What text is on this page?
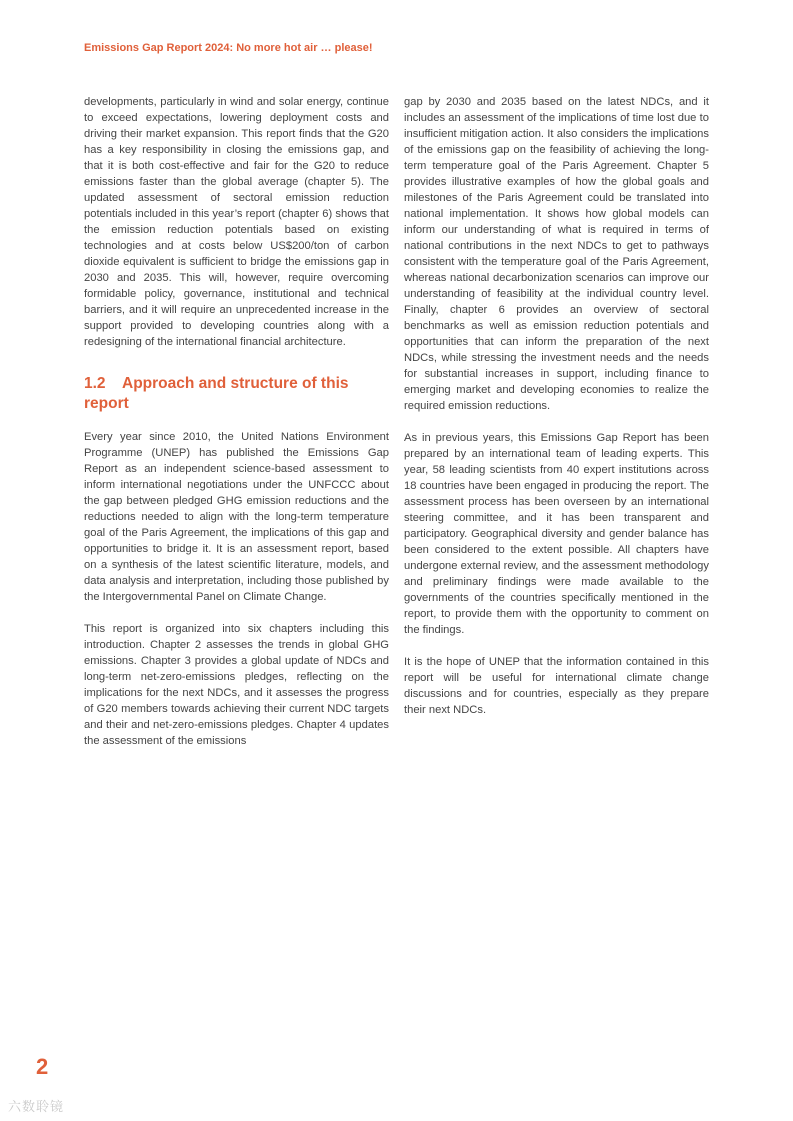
Emissions Gap Report 2024: No more hot air … please!

developments, particularly in wind and solar energy, continue to exceed expectations, lowering deployment costs and driving their market expansion. This report finds that the G20 has a key responsibility in closing the emissions gap, and that it is both cost-effective and fair for the G20 to reduce emissions faster than the global average (chapter 5). The updated assessment of sectoral emission reduction potentials included in this year’s report (chapter 6) shows that the emission reduction potentials based on existing technologies and at costs below US$200/ton of carbon dioxide equivalent is sufficient to bridge the emissions gap in 2030 and 2035. This will, however, require overcoming formidable policy, governance, institutional and technical barriers, and it will require an unprecedented increase in the support provided to developing countries along with a redesigning of the international financial architecture.

1.2 Approach and structure of this report

Every year since 2010, the United Nations Environment Programme (UNEP) has published the Emissions Gap Report as an independent science-based assessment to inform international negotiations under the UNFCCC about the gap between pledged GHG emission reductions and the reductions needed to align with the long-term temperature goal of the Paris Agreement, the implications of this gap and opportunities to bridge it. It is an assessment report, based on a synthesis of the latest scientific literature, models, and data analysis and interpretation, including those published by the Intergovernmental Panel on Climate Change.

This report is organized into six chapters including this introduction. Chapter 2 assesses the trends in global GHG emissions. Chapter 3 provides a global update of NDCs and long-term net-zero-emissions pledges, reflecting on the implications for the next NDCs, and it assesses the progress of G20 members towards achieving their current NDC targets and their and net-zero-emissions pledges. Chapter 4 updates the assessment of the emissions

gap by 2030 and 2035 based on the latest NDCs, and it includes an assessment of the implications of time lost due to insufficient mitigation action. It also considers the implications of the emissions gap on the feasibility of achieving the long-term temperature goal of the Paris Agreement. Chapter 5 provides illustrative examples of how the global goals and milestones of the Paris Agreement could be translated into national implementation. It shows how global models can inform our understanding of what is required in terms of national contributions in the next NDCs to get to pathways consistent with the temperature goal of the Paris Agreement, whereas national decarbonization scenarios can improve our understanding of feasibility at the individual country level. Finally, chapter 6 provides an overview of sectoral benchmarks as well as emission reduction potentials and opportunities that can inform the preparation of the next NDCs, while stressing the investment needs and the needs for substantial increases in support, including finance to emerging market and developing economies to realize the required emission reductions.

As in previous years, this Emissions Gap Report has been prepared by an international team of leading experts. This year, 58 leading scientists from 40 expert institutions across 18 countries have been engaged in producing the report. The assessment process has been overseen by an international steering committee, and it has been transparent and participatory. Geographical diversity and gender balance has been considered to the extent possible. All chapters have undergone external review, and the assessment methodology and preliminary findings were made available to the governments of the countries specifically mentioned in the report, to provide them with the opportunity to comment on the findings.

It is the hope of UNEP that the information contained in this report will be useful for international climate change discussions and for countries, especially as they prepare their next NDCs.

2
六数聆镜
